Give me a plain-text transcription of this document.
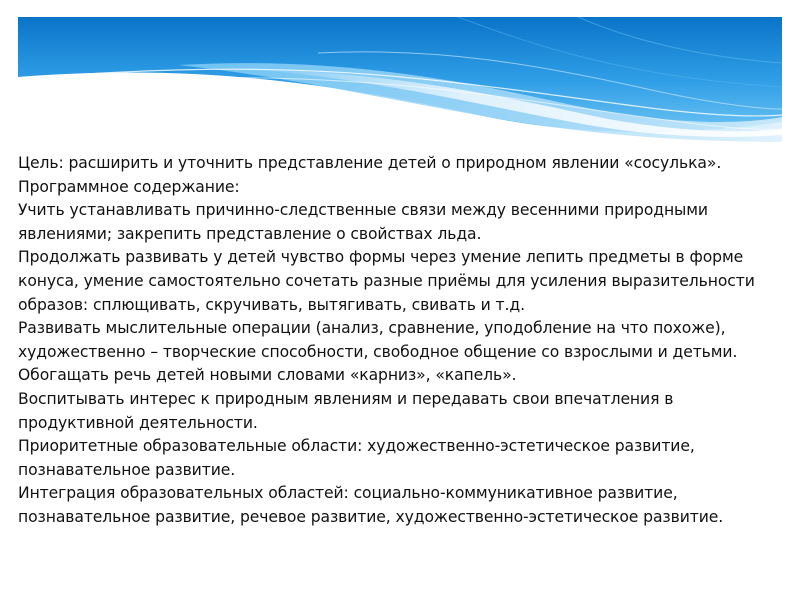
Цель: расширить и уточнить представление детей о природном явлении «сосулька».

Программное содержание:

Учить устанавливать причинно-следственные связи между весенними природными явлениями; закрепить представление о свойствах льда.

Продолжать развивать у детей чувство формы через умение лепить предметы в форме конуса, умение самостоятельно сочетать разные приёмы для усиления выразительности образов: сплющивать, скручивать, вытягивать, свивать и т.д.

Развивать мыслительные операции (анализ, сравнение, уподобление на что похоже), художественно – творческие способности, свободное общение со взрослыми и детьми.

Обогащать речь детей новыми словами «карниз», «капель».

Воспитывать интерес к природным явлениям и передавать свои впечатления в продуктивной деятельности.

Приоритетные образовательные области: художественно-эстетическое развитие, познавательное развитие.

Интеграция образовательных областей: социально-коммуникативное развитие, познавательное развитие, речевое развитие, художественно-эстетическое развитие.
